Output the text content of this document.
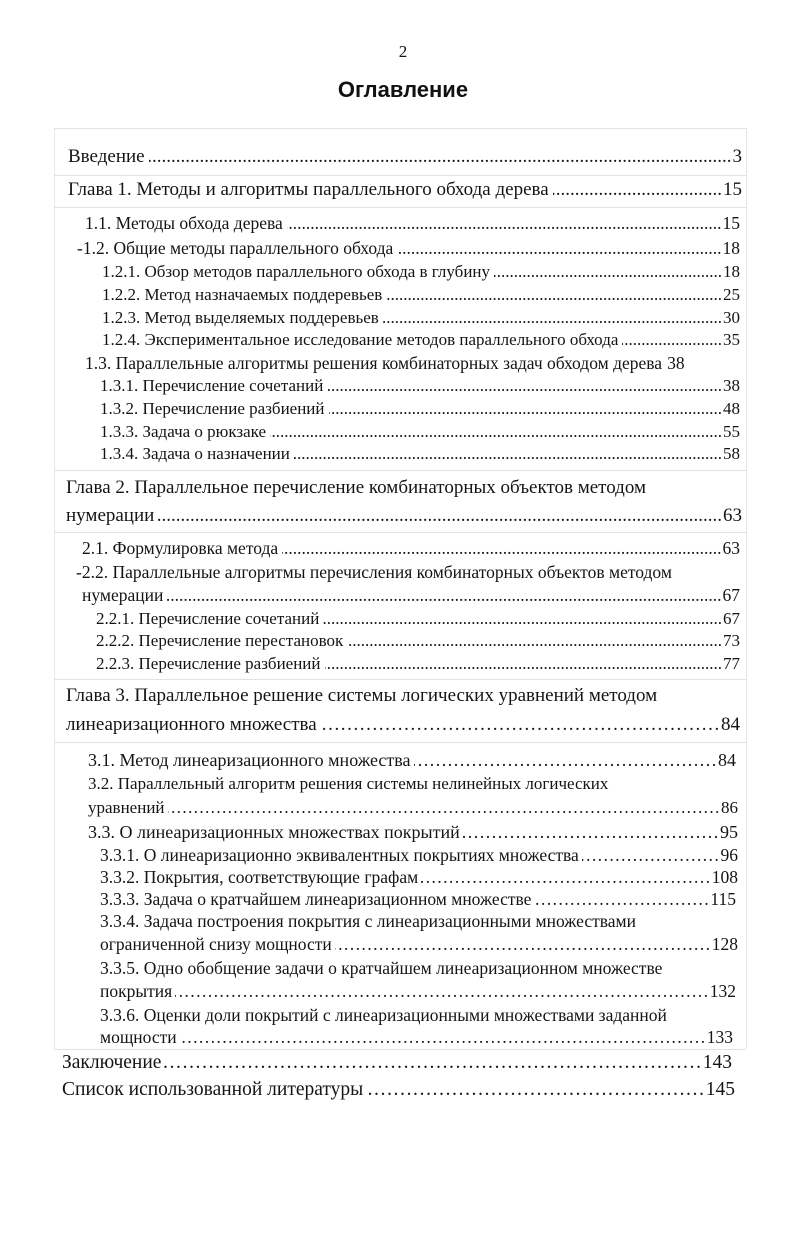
2
Оглавление
Введение .....	3
Глава 1. Методы и алгоритмы параллельного обхода дерева .....	15
1.1. Методы обхода дерева .....	15
-1.2. Общие методы параллельного обхода .....	18
1.2.1. Обзор методов параллельного обхода в глубину .....	18
1.2.2. Метод назначаемых поддеревьев .....	25
1.2.3. Метод выделяемых поддеревьев .....	30
1.2.4. Экспериментальное исследование методов параллельного обхода .....	35
1.3. Параллельные алгоритмы решения комбинаторных задач обходом дерева 38
1.3.1. Перечисление сочетаний .....	38
1.3.2. Перечисление разбиений .....	48
1.3.3. Задача о рюкзаке .....	55
1.3.4. Задача о назначении .....	58
Глава 2. Параллельное перечисление комбинаторных объектов методом
нумерации .....	63
2.1. Формулировка метода .....	63
-2.2. Параллельные алгоритмы перечисления комбинаторных объектов методом
нумерации .....	67
2.2.1. Перечисление сочетаний .....	67
2.2.2. Перечисление перестановок .....	73
2.2.3. Перечисление разбиений .....	77
Глава 3. Параллельное решение системы логических уравнений методом
линеаризационного множества ………………………………………………………………………………………………………………………………………………………………………………………………………………	84
3.1. Метод линеаризационного множества ………………………………………………………………………………………………………………………………………………………………………………………………………………	84
3.2. Параллельный алгоритм решения системы нелинейных логических
уравнений ………………………………………………………………………………………………………………………………………………………………………………………………………………	86
3.3. О линеаризационных множествах покрытий ………………………………………………………………………………………………………………………………………………………………………………………………………………	95
3.3.1. О линеаризационно эквивалентных покрытиях множества ………………………………………………………………………………………………………………………………………………………………………………………………………………	96
3.3.2. Покрытия, соответствующие графам ………………………………………………………………………………………………………………………………………………………………………………………………………………	108
3.3.3. Задача о кратчайшем линеаризационном множестве ………………………………………………………………………………………………………………………………………………………………………………………………………………	115
3.3.4. Задача построения покрытия с линеаризационными множествами
ограниченной снизу мощности ………………………………………………………………………………………………………………………………………………………………………………………………………………	128
3.3.5. Одно обобщение задачи о кратчайшем линеаризационном множестве
покрытия ………………………………………………………………………………………………………………………………………………………………………………………………………………	132
3.3.6. Оценки доли покрытий с линеаризационными множествами заданной
мощности ………………………………………………………………………………………………………………………………………………………………………………………………………………	133
Заключение ………………………………………………………………………………………………………………………………………………………………………………………………………………	143
Список использованной литературы ………………………………………………………………………………………………………………………………………………………………………………………………………………	145
